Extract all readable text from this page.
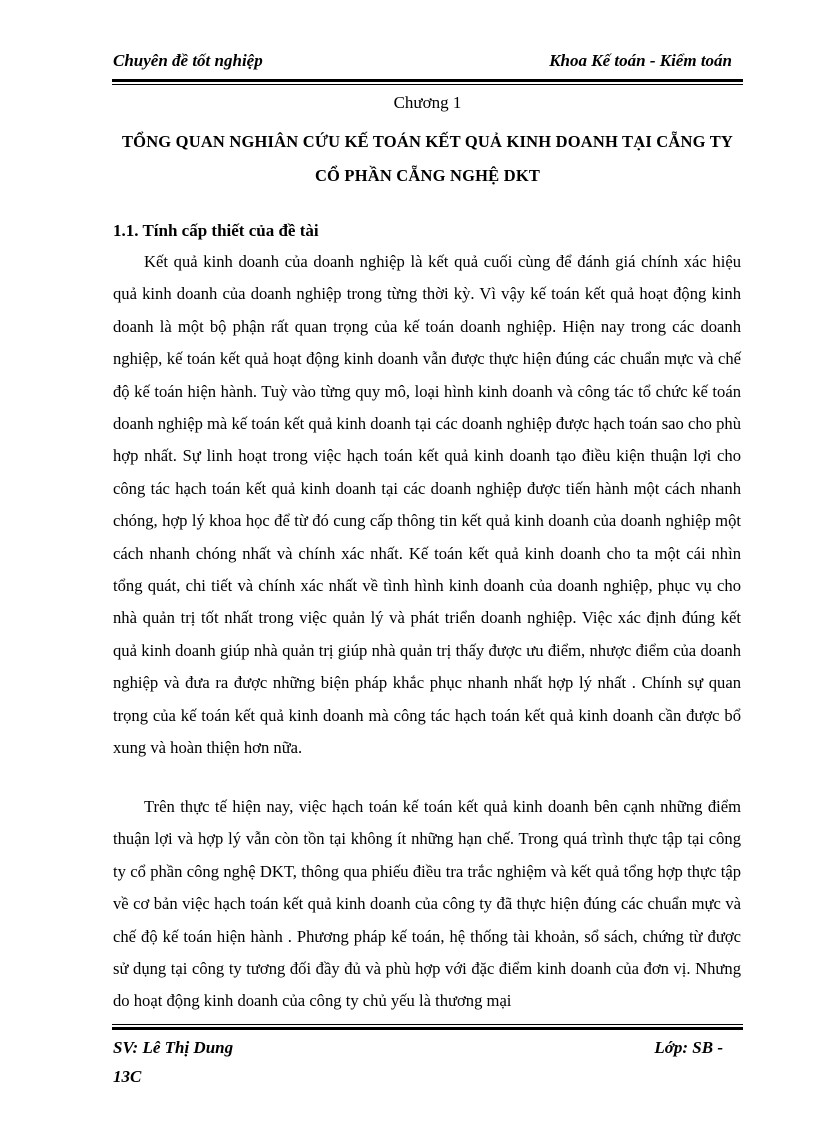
Chuyên đề tốt nghiệp	Khoa Kế toán - Kiểm toán
Chương 1
TỔNG QUAN NGHIÂN CỨU KẾ TOÁN KẾT QUẢ KINH DOANH TẠI CẴNG TY
CỔ PHẦN CẴNG NGHỆ DKT
1.1. Tính cấp thiết của đề tài
Kết quả kinh doanh của doanh nghiệp là kết quả cuối cùng để đánh giá chính xác hiệu quả kinh doanh của doanh nghiệp trong từng thời kỳ. Vì vậy kế toán kết quả hoạt động kinh doanh là một bộ phận rất quan trọng của kế toán doanh nghiệp. Hiện nay trong các doanh nghiệp, kế toán kết quả hoạt động kinh doanh vẫn được thực hiện đúng các chuẩn mực và chế độ kế toán hiện hành. Tuỳ vào từng quy mô, loại hình kinh doanh và công tác tổ chức kế toán doanh nghiệp mà kế toán kết quả kinh doanh tại các doanh nghiệp được hạch toán sao cho phù hợp nhất. Sự linh hoạt trong việc hạch toán kết quả kinh doanh tạo điều kiện thuận lợi cho công tác hạch toán kết quả kinh doanh tại các doanh nghiệp được tiến hành một cách nhanh chóng, hợp lý khoa học để từ đó cung cấp thông tin kết quả kinh doanh của doanh nghiệp một cách nhanh chóng nhất và chính xác nhất. Kế toán kết quả kinh doanh cho ta một cái nhìn tổng quát, chi tiết và chính xác nhất về tình hình kinh doanh của doanh nghiệp, phục vụ cho nhà quản trị tốt nhất trong việc quản lý và phát triển doanh nghiệp. Việc xác định đúng kết quả kinh doanh giúp nhà quản trị giúp nhà quản trị thấy được ưu điểm, nhược điểm của doanh nghiệp và đưa ra được những biện pháp khắc phục nhanh nhất hợp lý nhất . Chính sự quan trọng của kế toán kết quả kinh doanh mà công tác hạch toán kết quả kinh doanh cần được bổ xung và hoàn thiện hơn nữa.
Trên thực tế hiện nay, việc hạch toán kế toán kết quả kinh doanh bên cạnh những điểm thuận lợi và hợp lý vẫn còn tồn tại không ít những hạn chế. Trong quá trình thực tập tại công ty cổ phần công nghệ DKT, thông qua phiếu điều tra trắc nghiệm và kết quả tổng hợp thực tập về cơ bản việc hạch toán kết quả kinh doanh của công ty đã thực hiện đúng các chuẩn mực và chế độ kế toán hiện hành . Phương pháp kế toán, hệ thống tài khoản, sổ sách, chứng từ được sử dụng tại công ty tương đối đầy đủ và phù hợp với đặc điểm kinh doanh của đơn vị. Nhưng do hoạt động kinh doanh của công ty chủ yếu là thương mại
SV: Lê Thị Dung	Lớp: SB -
13C
